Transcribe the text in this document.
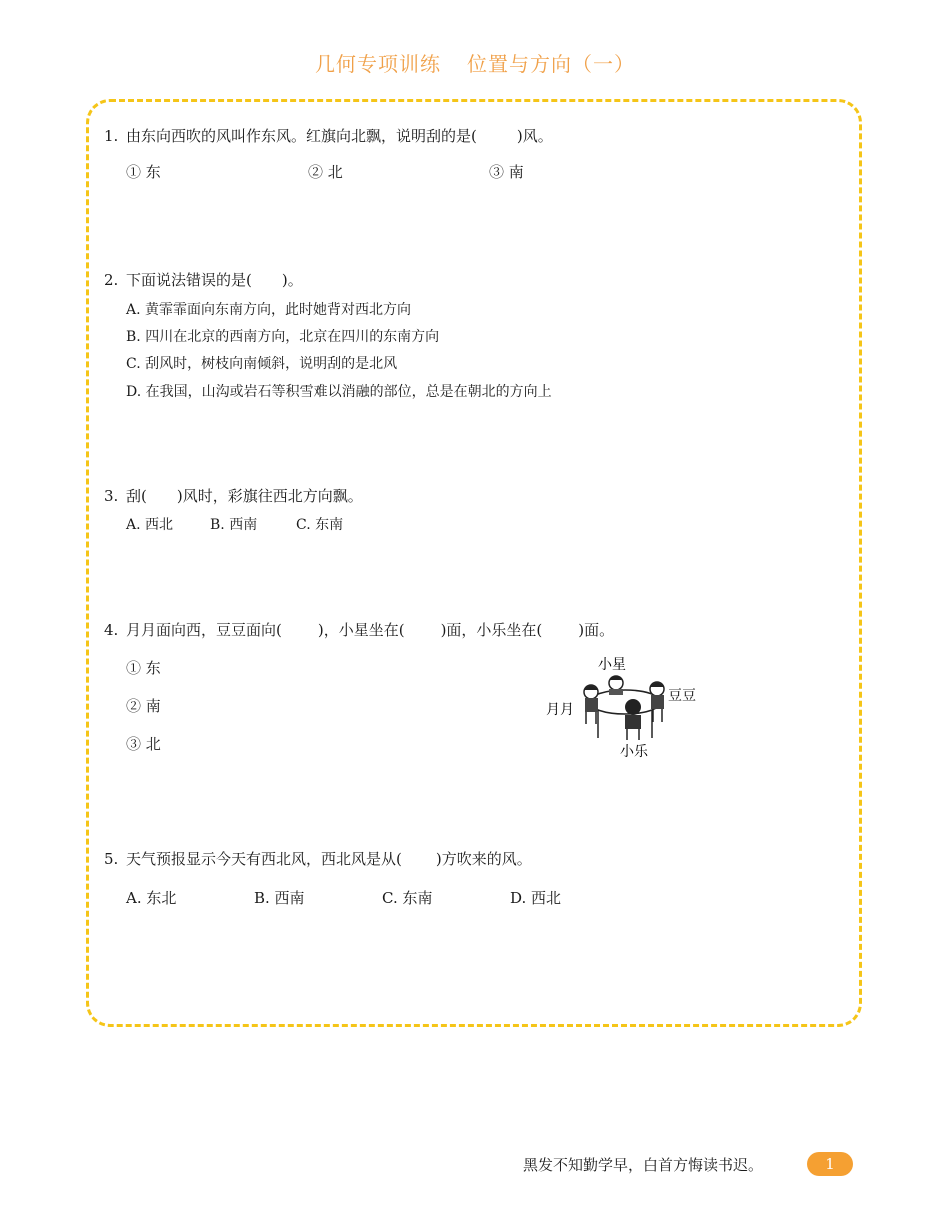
几何专项训练 位置与方向（一）
1. 由东向西吹的风叫作东风。红旗向北飘，说明刮的是(	)风。
① 东	② 北	③ 南
2. 下面说法错误的是( )。
A. 黄霏霏面向东南方向，此时她背对西北方向
B. 四川在北京的西南方向，北京在四川的东南方向
C. 刮风时，树枝向南倾斜，说明刮的是北风
D. 在我国，山沟或岩石等积雪难以消融的部位，总是在朝北的方向上
3. 刮( )风时，彩旗往西北方向飘。
A. 西北	B. 西南	C. 东南
4. 月月面向西，豆豆面向( )，小星坐在( )面，小乐坐在( )面。
① 东
② 南
③ 北
小星
月月
豆豆
小乐
5. 天气预报显示今天有西北风，西北风是从( )方吹来的风。
A. 东北	B. 西南	C. 东南	D. 西北
黑发不知勤学早，白首方悔读书迟。	1
